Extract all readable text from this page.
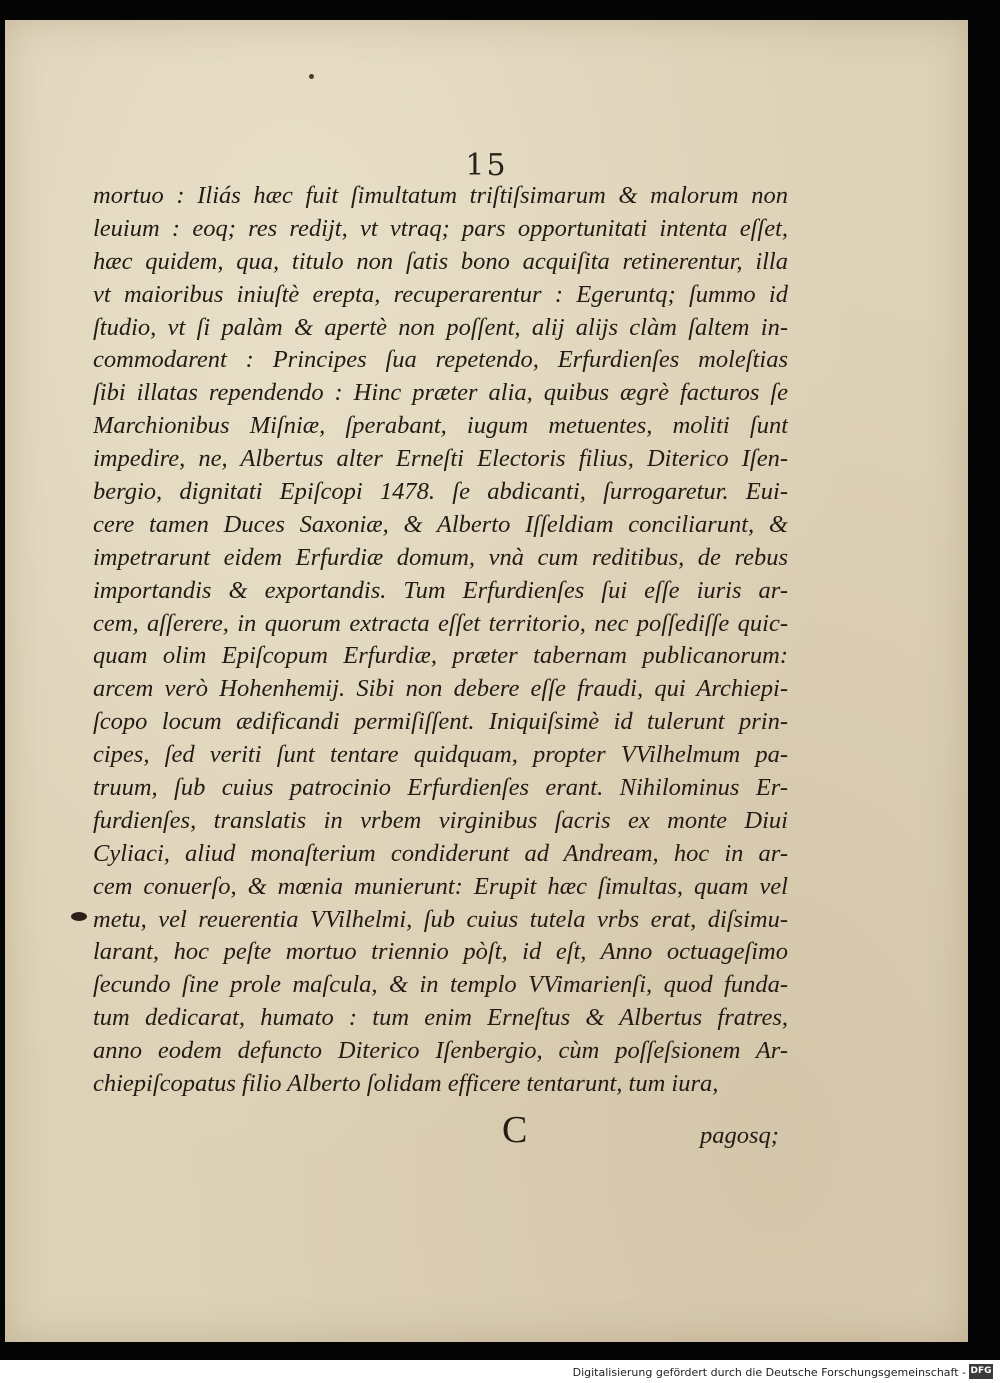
15
mortuo : Iliás hæc fuit ſimultatum triſtiſsimarum & malorum non
leuium : eoq; res redijt, vt vtraq; pars opportunitati intenta eſſet,
hæc quidem, qua, titulo non ſatis bono acquiſita retinerentur, illa
vt maioribus iniuſtè erepta, recuperarentur : Egeruntq; ſummo id
ſtudio, vt ſi palàm & apertè non poſſent, alij alijs clàm ſaltem in-
commodarent : Principes ſua repetendo, Erfurdienſes moleſtias
ſibi illatas rependendo : Hinc præter alia, quibus ægrè facturos ſe
Marchionibus Miſniæ, ſperabant, iugum metuentes, moliti ſunt
impedire, ne, Albertus alter Erneſti Electoris filius, Diterico Iſen-
bergio, dignitati Epiſcopi 1478. ſe abdicanti, ſurrogaretur. Eui-
cere tamen Duces Saxoniæ, & Alberto Iſſeldiam conciliarunt, &
impetrarunt eidem Erfurdiæ domum, vnà cum reditibus, de rebus
importandis & exportandis. Tum Erfurdienſes ſui eſſe iuris ar-
cem, aſſerere, in quorum extracta eſſet territorio, nec poſſediſſe quic-
quam olim Epiſcopum Erfurdiæ, præter tabernam publicanorum:
arcem verò Hohenhemij. Sibi non debere eſſe fraudi, qui Archiepi-
ſcopo locum ædificandi permiſiſſent. Iniquiſsimè id tulerunt prin-
cipes, ſed veriti ſunt tentare quidquam, propter VVilhelmum pa-
truum, ſub cuius patrocinio Erfurdienſes erant. Nihilominus Er-
furdienſes, translatis in vrbem virginibus ſacris ex monte Diui
Cyliaci, aliud monaſterium condiderunt ad Andream, hoc in ar-
cem conuerſo, & mœnia munierunt: Erupit hæc ſimultas, quam vel
metu, vel reuerentia VVilhelmi, ſub cuius tutela vrbs erat, diſsimu-
larant, hoc peſte mortuo triennio pòſt, id eſt, Anno octuageſimo
ſecundo ſine prole maſcula, & in templo VVimarienſi, quod funda-
tum dedicarat, humato : tum enim Erneſtus & Albertus fratres,
anno eodem defuncto Diterico Iſenbergio, cùm poſſeſsionem Ar-
chiepiſcopatus filio Alberto ſolidam efficere tentarunt, tum iura,
C	pagosq;
Digitalisierung gefördert durch die Deutsche Forschungsgemeinschaft - DFG
